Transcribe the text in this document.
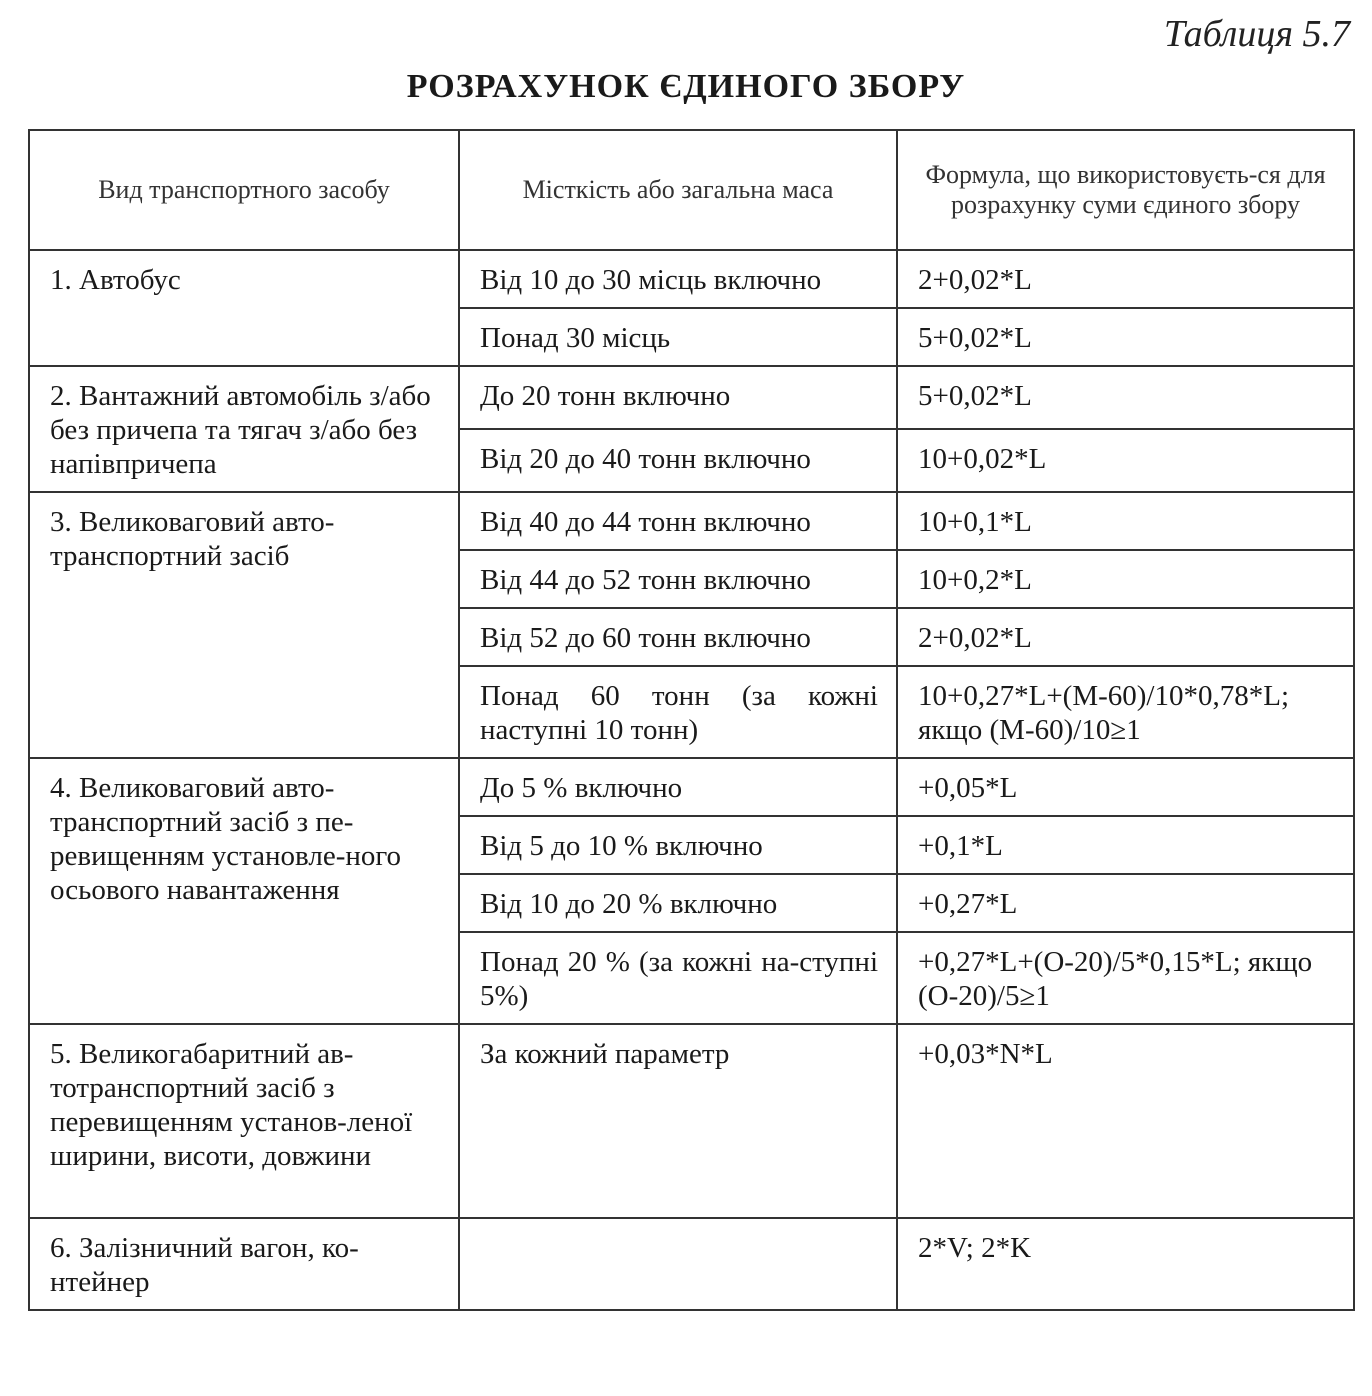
Таблиця 5.7
РОЗРАХУНОК ЄДИНОГО ЗБОРУ
Вид транспортного засобу	Місткість або загальна маса	Формула, що використовуєть-ся для розрахунку суми єдиного збору
1. Автобус	Від 10 до 30 місць включно	2+0,02*L
	Понад 30 місць	5+0,02*L
2. Вантажний автомобіль з/або без причепа та тягач з/або без напівпричепа	До 20 тонн включно	5+0,02*L
	Від 20 до 40 тонн включно	10+0,02*L
3. Великоваговий авто-транспортний засіб	Від 40 до 44 тонн включно	10+0,1*L
	Від 44 до 52 тонн включно	10+0,2*L
	Від 52 до 60 тонн включно	2+0,02*L
	Понад 60 тонн (за кожні наступні 10 тонн)	10+0,27*L+(M-60)/10*0,78*L; якщо (M-60)/10≥1
4. Великоваговий авто-транспортний засіб з пе-ревищенням установле-ного осьового навантаження	До 5 % включно	+0,05*L
	Від 5 до 10 % включно	+0,1*L
	Від 10 до 20 % включно	+0,27*L
	Понад 20 % (за кожні на-ступні 5%)	+0,27*L+(O-20)/5*0,15*L; якщо (O-20)/5≥1
5. Великогабаритний ав-тотранспортний засіб з перевищенням установ-леної ширини, висоти, довжини	За кожний параметр	+0,03*N*L
6. Залізничний вагон, ко-нтейнер		2*V; 2*K
